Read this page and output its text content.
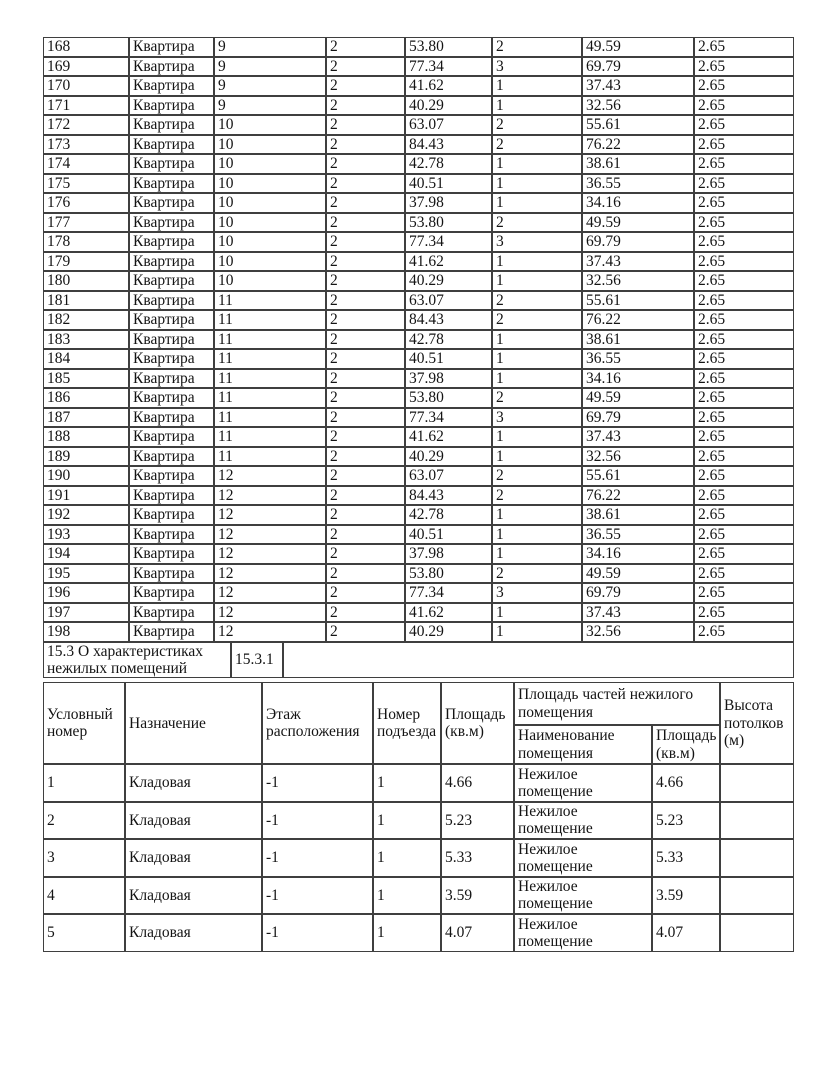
168	Квартира	9	2	53.80	2	49.59	2.65
169	Квартира	9	2	77.34	3	69.79	2.65
170	Квартира	9	2	41.62	1	37.43	2.65
171	Квартира	9	2	40.29	1	32.56	2.65
172	Квартира	10	2	63.07	2	55.61	2.65
173	Квартира	10	2	84.43	2	76.22	2.65
174	Квартира	10	2	42.78	1	38.61	2.65
175	Квартира	10	2	40.51	1	36.55	2.65
176	Квартира	10	2	37.98	1	34.16	2.65
177	Квартира	10	2	53.80	2	49.59	2.65
178	Квартира	10	2	77.34	3	69.79	2.65
179	Квартира	10	2	41.62	1	37.43	2.65
180	Квартира	10	2	40.29	1	32.56	2.65
181	Квартира	11	2	63.07	2	55.61	2.65
182	Квартира	11	2	84.43	2	76.22	2.65
183	Квартира	11	2	42.78	1	38.61	2.65
184	Квартира	11	2	40.51	1	36.55	2.65
185	Квартира	11	2	37.98	1	34.16	2.65
186	Квартира	11	2	53.80	2	49.59	2.65
187	Квартира	11	2	77.34	3	69.79	2.65
188	Квартира	11	2	41.62	1	37.43	2.65
189	Квартира	11	2	40.29	1	32.56	2.65
190	Квартира	12	2	63.07	2	55.61	2.65
191	Квартира	12	2	84.43	2	76.22	2.65
192	Квартира	12	2	42.78	1	38.61	2.65
193	Квартира	12	2	40.51	1	36.55	2.65
194	Квартира	12	2	37.98	1	34.16	2.65
195	Квартира	12	2	53.80	2	49.59	2.65
196	Квартира	12	2	77.34	3	69.79	2.65
197	Квартира	12	2	41.62	1	37.43	2.65
198	Квартира	12	2	40.29	1	32.56	2.65
15.3 О характеристиках нежилых помещений	15.3.1	
Условный номер	Назначение	Этаж расположения	Номер подъезда	Площадь (кв.м)	Площадь частей нежилого помещения		Высота потолков (м)
					Наименование помещения	Площадь (кв.м)	
1	Кладовая	-1	1	4.66	Нежилое помещение	4.66	
2	Кладовая	-1	1	5.23	Нежилое помещение	5.23	
3	Кладовая	-1	1	5.33	Нежилое помещение	5.33	
4	Кладовая	-1	1	3.59	Нежилое помещение	3.59	
5	Кладовая	-1	1	4.07	Нежилое помещение	4.07	
